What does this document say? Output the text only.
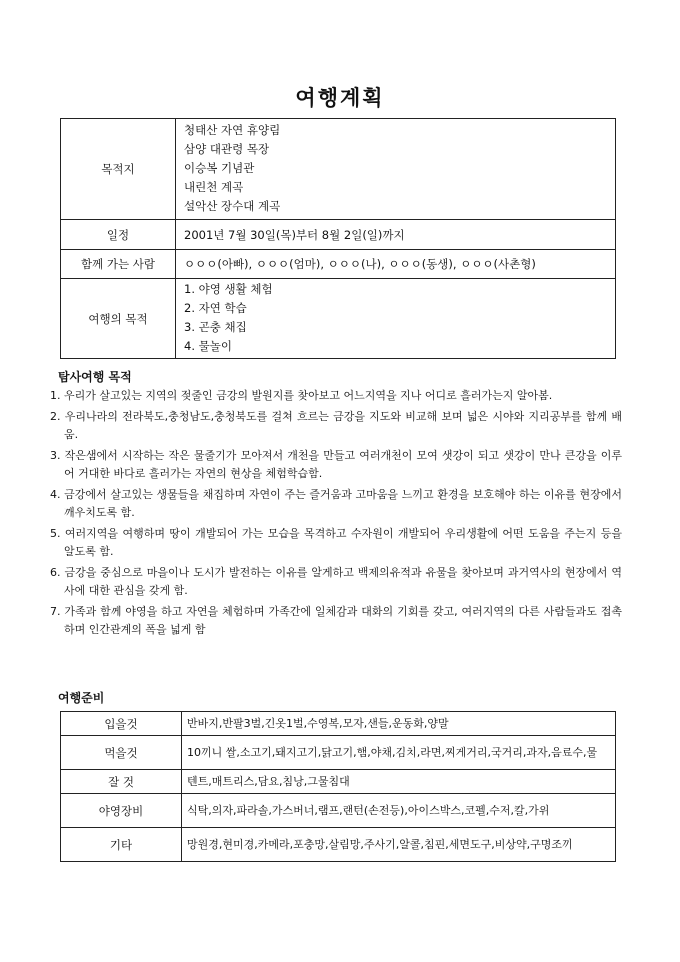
여행계획
목적지	청태산 자연 휴양림
삼양 대관령 목장
이승복 기념관
내린천 계곡
설악산 장수대 계곡

일정	2001년 7월 30일(목)부터 8월 2일(일)까지
함께 가는 사람	ㅇㅇㅇ(아빠), ㅇㅇㅇ(엄마), ㅇㅇㅇ(나), ㅇㅇㅇ(동생), ㅇㅇㅇ(사촌형)
여행의 목적	1. 야영 생활 체험
2. 자연 학습
3. 곤충 채집
4. 물놀이
탐사여행 목적
1. 우리가 살고있는 지역의 젖줄인 금강의 발원지를 찾아보고 어느지역을 지나 어디로 흘러가는지 알아봄.
2. 우리나라의 전라북도,충청남도,충청북도를 걸쳐 흐르는 금강을 지도와 비교해 보며 넓은 시야와 지리공부를 함께 배움.
3. 작은샘에서 시작하는 작은 물줄기가 모아져서 개천을 만들고 여러개천이 모여 샛강이 되고 샛강이 만나 큰강을 이루어 거대한 바다로 흘러가는 자연의 현상을 체험학습함.
4. 금강에서 살고있는 생물들을 채집하며 자연이 주는 즐거움과 고마움을 느끼고 환경을 보호해야 하는 이유를 현장에서 깨우치도록 함.
5. 여러지역을 여행하며 땅이 개발되어 가는 모습을 목격하고 수자원이 개발되어 우리생활에 어떤 도움을 주는지 등을 알도록 함.
6. 금강을 중심으로 마을이나 도시가 발전하는 이유를 알게하고 백제의유적과 유물을 찾아보며 과거역사의 현장에서 역사에 대한 관심을 갖게 함.
7. 가족과 함께 야영을 하고 자연을 체험하며 가족간에 일체감과 대화의 기회를 갖고, 여러지역의 다른 사람들과도 접촉하며 인간관계의 폭을 넓게 함
여행준비
입을것	반바지,반팔3벌,긴옷1벌,수영복,모자,샌들,운동화,양말
먹을것	10끼니 쌀,소고기,돼지고기,닭고기,햄,야채,김치,라면,찌게거리,국거리,과자,음료수,물
잘 것	텐트,매트리스,담요,침낭,그물침대
야영장비	식탁,의자,파라솔,가스버너,램프,랜턴(손전등),아이스박스,코펠,수저,칼,가위
기타	망원경,현미경,카메라,포충망,살림망,주사기,알콜,침핀,세면도구,비상약,구명조끼
